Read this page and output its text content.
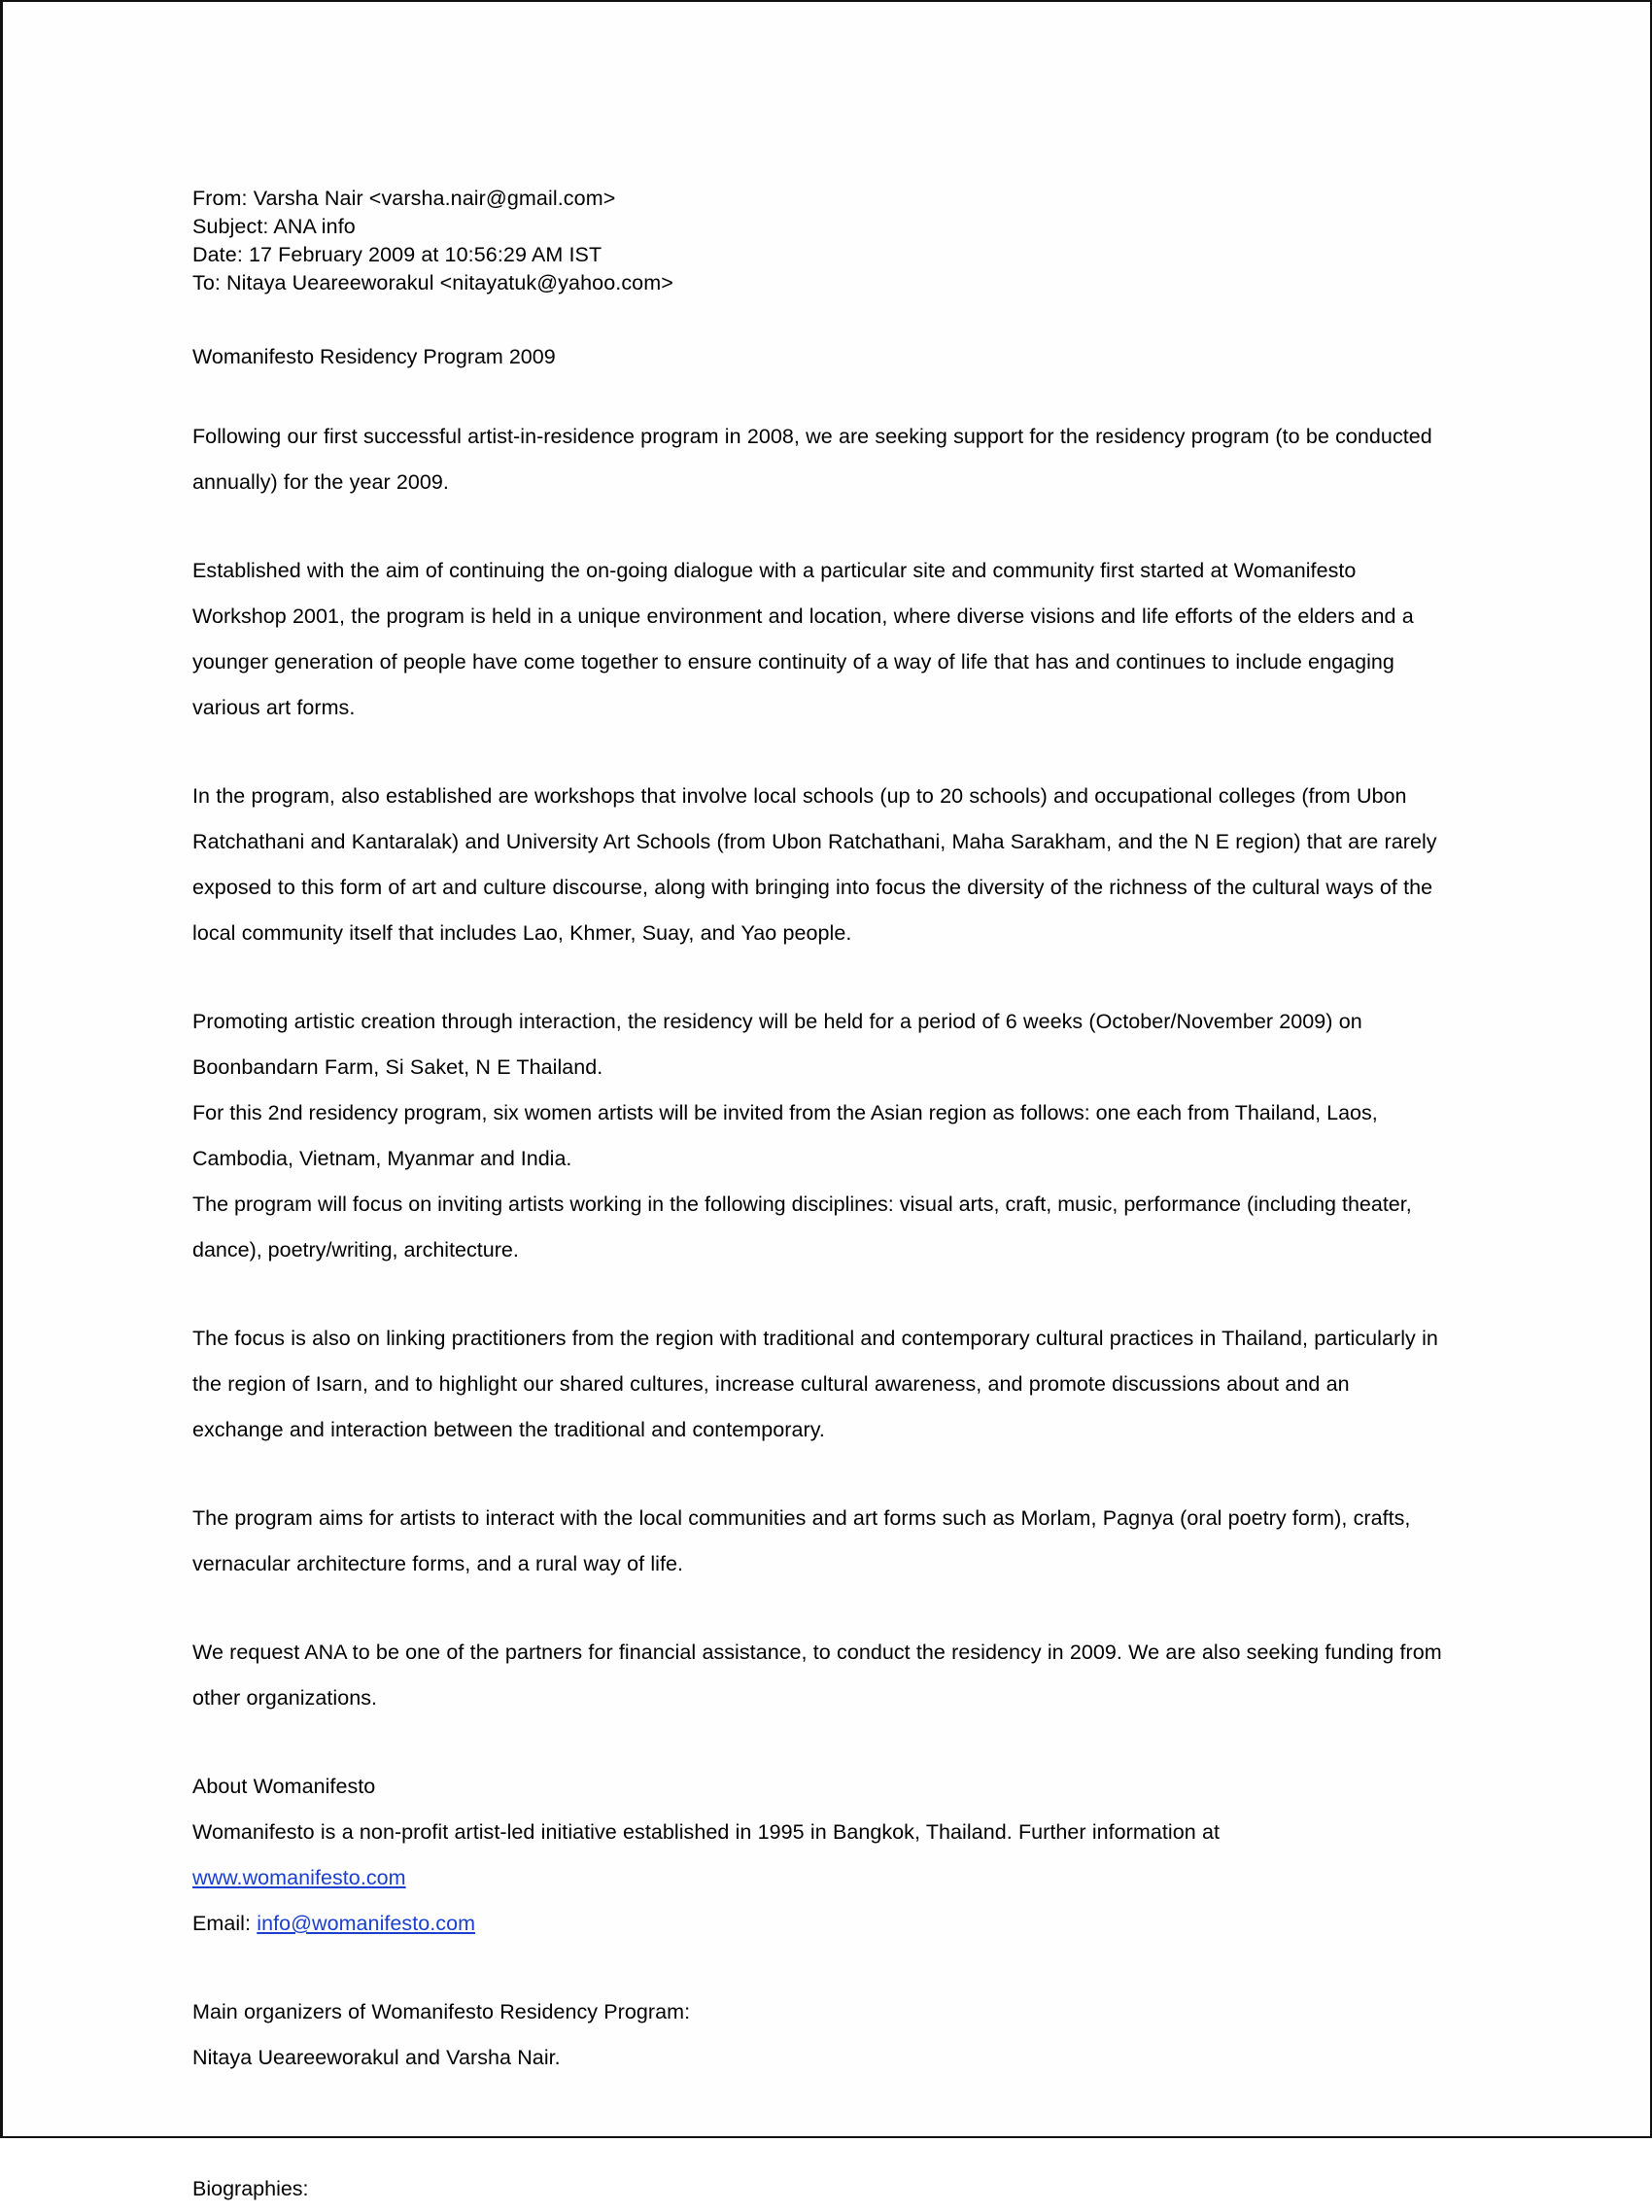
From: Varsha Nair <varsha.nair@gmail.com>
Subject: ANA info
Date: 17 February 2009 at 10:56:29 AM IST
To: Nitaya Ueareeworakul <nitayatuk@yahoo.com>
Womanifesto Residency Program 2009
Following our first successful artist-in-residence program in 2008, we are seeking support for the residency program (to be conducted annually) for the year 2009.
Established with the aim of continuing the on-going dialogue with a particular site and community first started at Womanifesto Workshop 2001, the program is held in a unique environment and location, where diverse visions and life efforts of the elders and a younger generation of people have come together to ensure continuity of a way of life that has and continues to include engaging various art forms.
In the program, also established are workshops that involve local schools (up to 20 schools) and occupational colleges (from Ubon Ratchathani and Kantaralak) and University Art Schools (from Ubon Ratchathani, Maha Sarakham, and the N E region) that are rarely exposed to this form of art and culture discourse, along with bringing into focus the diversity of the richness of the cultural ways of the local community itself that includes Lao, Khmer, Suay, and Yao people.
Promoting artistic creation through interaction, the residency will be held for a period of 6 weeks (October/November 2009) on Boonbandarn Farm, Si Saket, N E Thailand.
For this 2nd residency program, six women artists will be invited from the Asian region as follows: one each from Thailand, Laos, Cambodia, Vietnam, Myanmar and India.
The program will focus on inviting artists working in the following disciplines: visual arts, craft, music, performance (including theater, dance), poetry/writing, architecture.
The focus is also on linking practitioners from the region with traditional and contemporary cultural practices in Thailand, particularly in the region of Isarn, and to highlight our shared cultures, increase cultural awareness, and promote discussions about and an exchange and interaction between the traditional and contemporary.
The program aims for artists to interact with the local communities and art forms such as Morlam, Pagnya (oral poetry form), crafts, vernacular architecture forms, and a rural way of life.
We request ANA to be one of the partners for financial assistance, to conduct the residency in 2009. We are also seeking funding from other organizations.
About Womanifesto
Womanifesto is a non-profit artist-led initiative established in 1995 in Bangkok, Thailand. Further information at
www.womanifesto.com
Email: info@womanifesto.com
Main organizers of Womanifesto Residency Program:
Nitaya Ueareeworakul and Varsha Nair.
Biographies:
